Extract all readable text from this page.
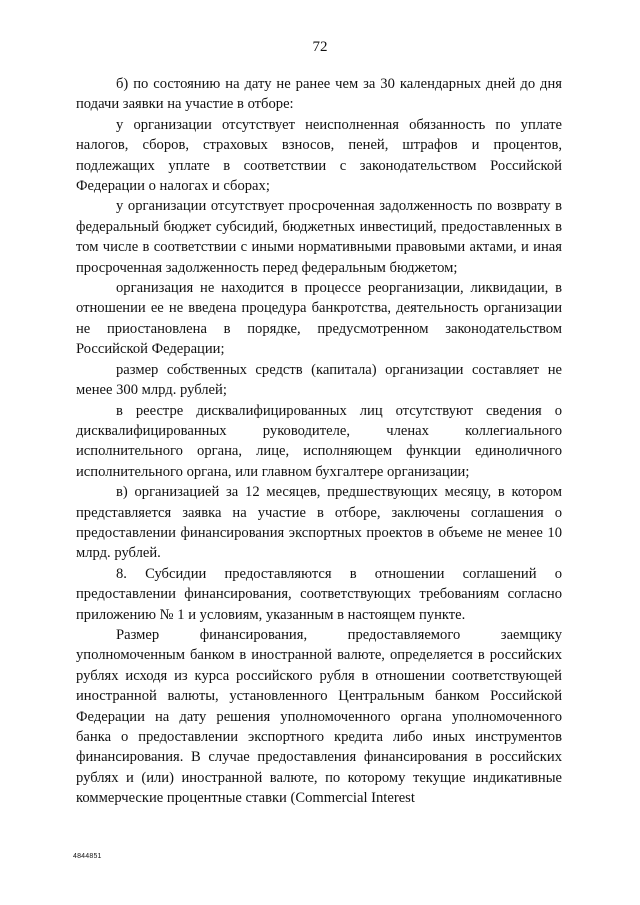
72

б) по состоянию на дату не ранее чем за 30 календарных дней до дня подачи заявки на участие в отборе:

у организации отсутствует неисполненная обязанность по уплате налогов, сборов, страховых взносов, пеней, штрафов и процентов, подлежащих уплате в соответствии с законодательством Российской Федерации о налогах и сборах;

у организации отсутствует просроченная задолженность по возврату в федеральный бюджет субсидий, бюджетных инвестиций, предоставленных в том числе в соответствии с иными нормативными правовыми актами, и иная просроченная задолженность перед федеральным бюджетом;

организация не находится в процессе реорганизации, ликвидации, в отношении ее не введена процедура банкротства, деятельность организации не приостановлена в порядке, предусмотренном законодательством Российской Федерации;

размер собственных средств (капитала) организации составляет не менее 300 млрд. рублей;

в реестре дисквалифицированных лиц отсутствуют сведения о дисквалифицированных руководителе, членах коллегиального исполнительного органа, лице, исполняющем функции единоличного исполнительного органа, или главном бухгалтере организации;

в) организацией за 12 месяцев, предшествующих месяцу, в котором представляется заявка на участие в отборе, заключены соглашения о предоставлении финансирования экспортных проектов в объеме не менее 10 млрд. рублей.

8. Субсидии предоставляются в отношении соглашений о предоставлении финансирования, соответствующих требованиям согласно приложению № 1 и условиям, указанным в настоящем пункте.

Размер финансирования, предоставляемого заемщику уполномоченным банком в иностранной валюте, определяется в российских рублях исходя из курса российского рубля в отношении соответствующей иностранной валюты, установленного Центральным банком Российской Федерации на дату решения уполномоченного органа уполномоченного банка о предоставлении экспортного кредита либо иных инструментов финансирования. В случае предоставления финансирования в российских рублях и (или) иностранной валюте, по которому текущие индикативные коммерческие процентные ставки (Commercial Interest

4844851
